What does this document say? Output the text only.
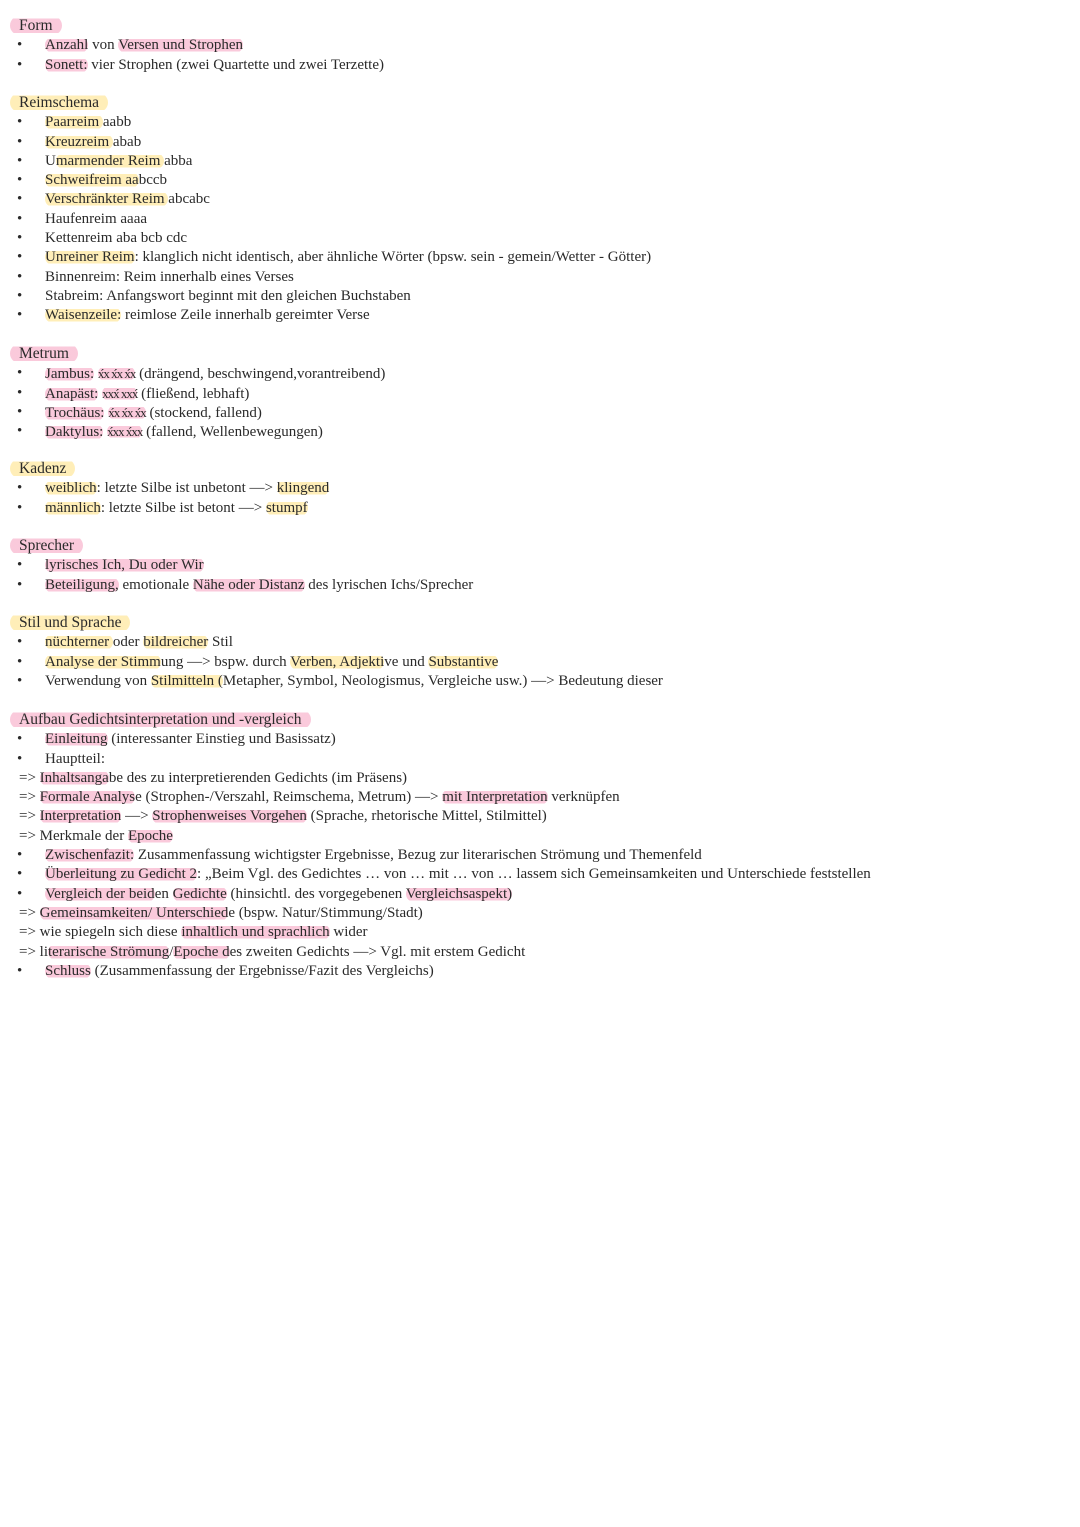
Form
• Anzahl von Versen und Strophen
• Sonett: vier Strophen (zwei Quartette und zwei Terzette)
Reimschema
• Paarreim aabb
• Kreuzreim abab
• Umarmender Reim abba
• Schweifreim aabccb
• Verschränkter Reim abcabc
• Haufenreim aaaa
• Kettenreim aba bcb cdc
• Unreiner Reim: klanglich nicht identisch, aber ähnliche Wörter (bpsw. sein - gemein/Wetter - Götter)
• Binnenreim: Reim innerhalb eines Verses
• Stabreim: Anfangswort beginnt mit den gleichen Buchstaben
• Waisenzeile: reimlose Zeile innerhalb gereimter Verse
Metrum
• Jambus: x́x x́x x́x (drängend, beschwingend,vorantreibend)
• Anapäst: xxx́ xxx́ (fließend, lebhaft)
• Trochäus: x́x x́x x́x (stockend, fallend)
• Daktylus: x́xx x́xx (fallend, Wellenbewegungen)
Kadenz
• weiblich: letzte Silbe ist unbetont —> klingend
• männlich: letzte Silbe ist betont —> stumpf
Sprecher
• lyrisches Ich, Du oder Wir
• Beteiligung, emotionale Nähe oder Distanz des lyrischen Ichs/Sprecher
Stil und Sprache
• nüchterner oder bildreicher Stil
• Analyse der Stimmung —> bspw. durch Verben, Adjektive und Substantive
• Verwendung von Stilmitteln (Metapher, Symbol, Neologismus, Vergleiche usw.) —> Bedeutung dieser
Aufbau Gedichtsinterpretation und -vergleich
• Einleitung (interessanter Einstieg und Basissatz)
• Hauptteil:
=> Inhaltsangabe des zu interpretierenden Gedichts (im Präsens)
=> Formale Analyse (Strophen-/Verszahl, Reimschema, Metrum) —> mit Interpretation verknüpfen
=> Interpretation —> Strophenweises Vorgehen (Sprache, rhetorische Mittel, Stilmittel)
=> Merkmale der Epoche
• Zwischenfazit: Zusammenfassung wichtigster Ergebnisse, Bezug zur literarischen Strömung und Themenfeld
• Überleitung zu Gedicht 2: „Beim Vgl. des Gedichtes … von … mit … von … lassem sich Gemeinsamkeiten und Unterschiede feststellen
• Vergleich der beiden Gedichte (hinsichtl. des vorgegebenen Vergleichsaspekt)
=> Gemeinsamkeiten/ Unterschiede (bspw. Natur/Stimmung/Stadt)
=> wie spiegeln sich diese inhaltlich und sprachlich wider
=> literarische Strömung/Epoche des zweiten Gedichts —> Vgl. mit erstem Gedicht
• Schluss (Zusammenfassung der Ergebnisse/Fazit des Vergleichs)
